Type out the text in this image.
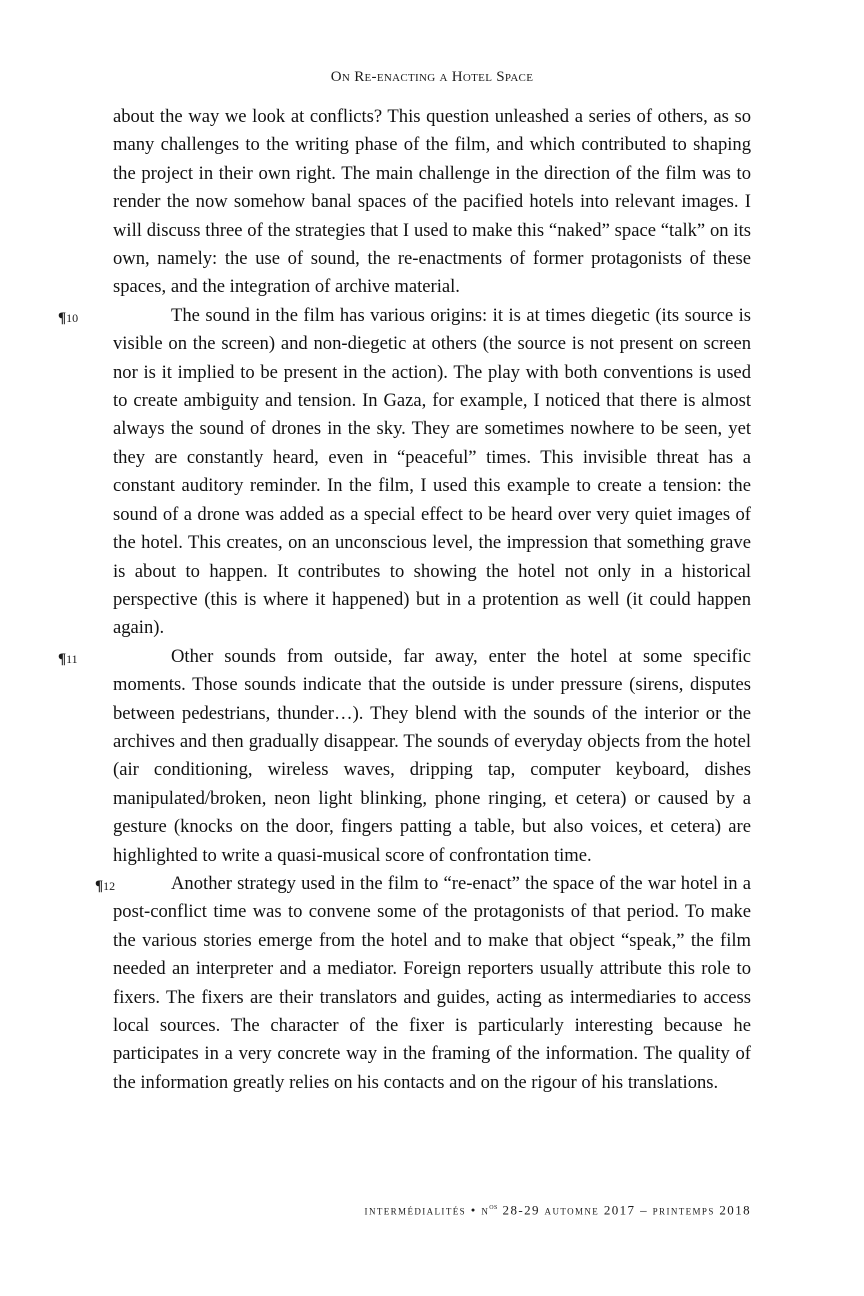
On Re-enacting a Hotel Space

about the way we look at conflicts? This question unleashed a series of others, as so many challenges to the writing phase of the film, and which contributed to shaping the project in their own right. The main challenge in the direction of the film was to render the now somehow banal spaces of the pacified hotels into relevant images. I will discuss three of the strategies that I used to make this “naked” space “talk” on its own, namely: the use of sound, the re-enactments of former protagonists of these spaces, and the integration of archive material.

¶10	The sound in the film has various origins: it is at times diegetic (its source is visible on the screen) and non-diegetic at others (the source is not present on screen nor is it implied to be present in the action). The play with both conventions is used to create ambiguity and tension. In Gaza, for example, I noticed that there is almost always the sound of drones in the sky. They are sometimes nowhere to be seen, yet they are constantly heard, even in “peaceful” times. This invisible threat has a constant auditory reminder. In the film, I used this example to create a tension: the sound of a drone was added as a special effect to be heard over very quiet images of the hotel. This creates, on an unconscious level, the impression that something grave is about to happen. It contributes to showing the hotel not only in a historical perspective (this is where it happened) but in a protention as well (it could happen again).

¶11	Other sounds from outside, far away, enter the hotel at some specific moments. Those sounds indicate that the outside is under pressure (sirens, disputes between pedestrians, thunder…). They blend with the sounds of the interior or the archives and then gradually disappear. The sounds of everyday objects from the hotel (air conditioning, wireless waves, dripping tap, computer keyboard, dishes manipulated/broken, neon light blinking, phone ringing, et cetera) or caused by a gesture (knocks on the door, fingers patting a table, but also voices, et cetera) are highlighted to write a quasi-musical score of confrontation time.

¶12	Another strategy used in the film to “re-enact” the space of the war hotel in a post-conflict time was to convene some of the protagonists of that period. To make the various stories emerge from the hotel and to make that object “speak,” the film needed an interpreter and a mediator. Foreign reporters usually attribute this role to fixers. The fixers are their translators and guides, acting as intermediaries to access local sources. The character of the fixer is particularly interesting because he participates in a very concrete way in the framing of the information. The quality of the information greatly relies on his contacts and on the rigour of his translations.

intermédialités • $n^{os}$ 28-29 automne 2017 – printemps 2018
